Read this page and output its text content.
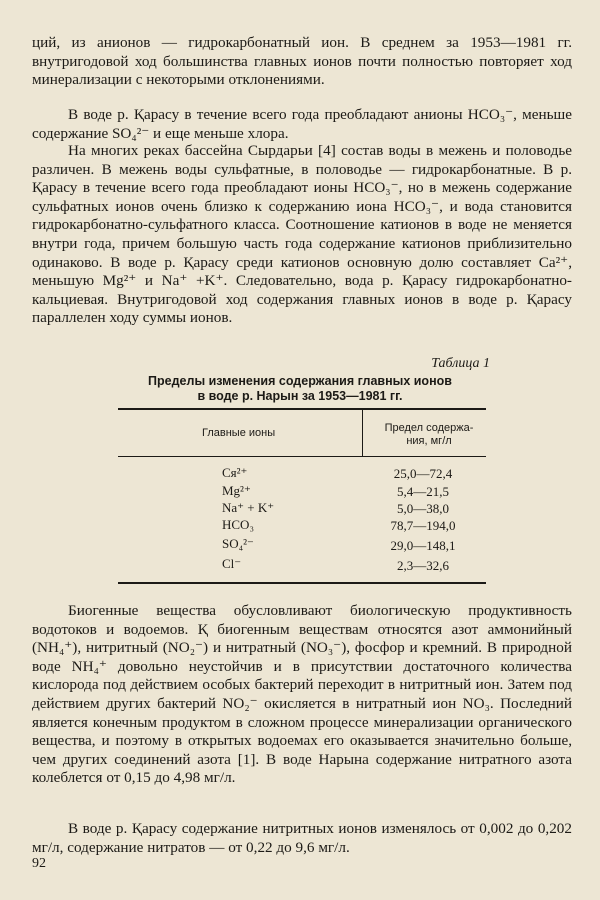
ций, из анионов — гидрокарбонатный ион. В среднем за 1953—1981 гг. внутригодовой ход большинства главных ионов почти полностью повторяет ход минерализации с некоторыми отклонениями.

В воде р. Қарасу в течение всего года преобладают анионы HCO₃⁻, меньше содержание SO₄²⁻ и еще меньше хлора.

На многих реках бассейна Сырдарьи [4] состав воды в межень и половодье различен. В межень воды сульфатные, в половодье — гидрокарбонатные. В р. Қарасу в течение всего года преобладают ионы HCO₃⁻, но в межень содержание сульфатных ионов очень близко к содержанию иона HCO₃⁻, и вода становится гидрокарбонатно-сульфатного класса. Соотношение катионов в воде не меняется внутри года, причем большую часть года содержание катионов приблизительно одинаково. В воде р. Қарасу среди катионов основную долю составляет Ca²⁺, меньшую Mg²⁺ и Na⁺ +K⁺. Следовательно, вода р. Қарасу гидрокарбонатно-кальциевая. Внутригодовой ход содержания главных ионов в воде р. Қарасу параллелен ходу суммы ионов.

Таблица 1

Пределы изменения содержания главных ионов
в воде р. Нарын за 1953—1981 гг.
Главные ионы	Предел содержа-
ния, мг/л

Cя²⁺	25,0—72,4

Mg²⁺	5,4—21,5

Na⁺ + K⁺	5,0—38,0

HCO₃	78,7—194,0

SO₄²⁻	29,0—148,1

Cl⁻	2,3—32,6

Биогенные вещества обусловливают биологическую продуктивность водотоков и водоемов. Қ биогенным веществам относятся азот аммонийный (NH₄⁺), нитритный (NO₂⁻) и нитратный (NO₃⁻), фосфор и кремний. В природной воде NH₄⁺ довольно неустойчив и в присутствии достаточного количества кислорода под действием особых бактерий переходит в нитритный ион. Затем под действием других бактерий NO₂⁻ окисляется в нитратный ион NO₃. Последний является конечным продуктом в сложном процессе минерализации органического вещества, и поэтому в открытых водоемах его оказывается значительно больше, чем других соединений азота [1]. В воде Нарына содержание нитратного азота колеблется от 0,15 до 4,98 мг/л.

В воде р. Қарасу содержание нитритных ионов изменялось от 0,002 до 0,202 мг/л, содержание нитратов — от 0,22 до 9,6 мг/л.

92
